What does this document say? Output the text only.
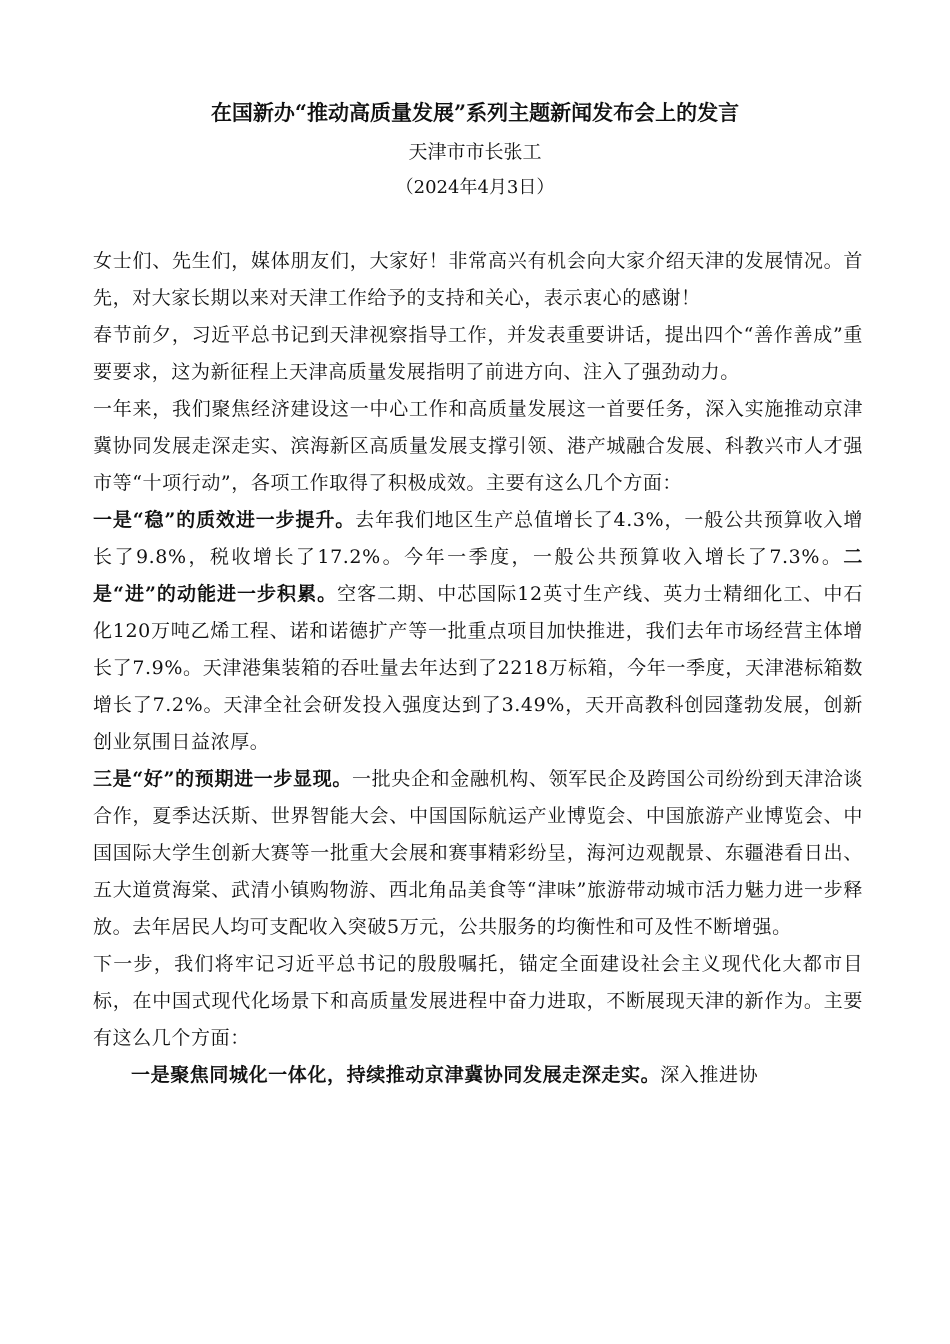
在国新办“推动高质量发展”系列主题新闻发布会上的发言
天津市市长张工
（2024年4月3日）

女士们、先生们，媒体朋友们，大家好！非常高兴有机会向大家介绍天津的发展情况。首先，对大家长期以来对天津工作给予的支持和关心，表示衷心的感谢！

春节前夕，习近平总书记到天津视察指导工作，并发表重要讲话，提出四个“善作善成”重要要求，这为新征程上天津高质量发展指明了前进方向、注入了强劲动力。

一年来，我们聚焦经济建设这一中心工作和高质量发展这一首要任务，深入实施推动京津冀协同发展走深走实、滨海新区高质量发展支撑引领、港产城融合发展、科教兴市人才强市等“十项行动”，各项工作取得了积极成效。主要有这么几个方面：

一是“稳”的质效进一步提升。去年我们地区生产总值增长了4.3%，一般公共预算收入增长了9.8%，税收增长了17.2%。今年一季度，一般公共预算收入增长了7.3%。二是“进”的动能进一步积累。空客二期、中芯国际12英寸生产线、英力士精细化工、中石化120万吨乙烯工程、诺和诺德扩产等一批重点项目加快推进，我们去年市场经营主体增长了7.9%。天津港集装箱的吞吐量去年达到了2218万标箱，今年一季度，天津港标箱数增长了7.2%。天津全社会研发投入强度达到了3.49%，天开高教科创园蓬勃发展，创新创业氛围日益浓厚。

三是“好”的预期进一步显现。一批央企和金融机构、领军民企及跨国公司纷纷到天津洽谈合作，夏季达沃斯、世界智能大会、中国国际航运产业博览会、中国旅游产业博览会、中国国际大学生创新大赛等一批重大会展和赛事精彩纷呈，海河边观靓景、东疆港看日出、五大道赏海棠、武清小镇购物游、西北角品美食等“津味”旅游带动城市活力魅力进一步释放。去年居民人均可支配收入突破5万元，公共服务的均衡性和可及性不断增强。

下一步，我们将牢记习近平总书记的殷殷嘱托，锚定全面建设社会主义现代化大都市目标，在中国式现代化场景下和高质量发展进程中奋力进取，不断展现天津的新作为。主要有这么几个方面：

一是聚焦同城化一体化，持续推动京津冀协同发展走深走实。深入推进协
